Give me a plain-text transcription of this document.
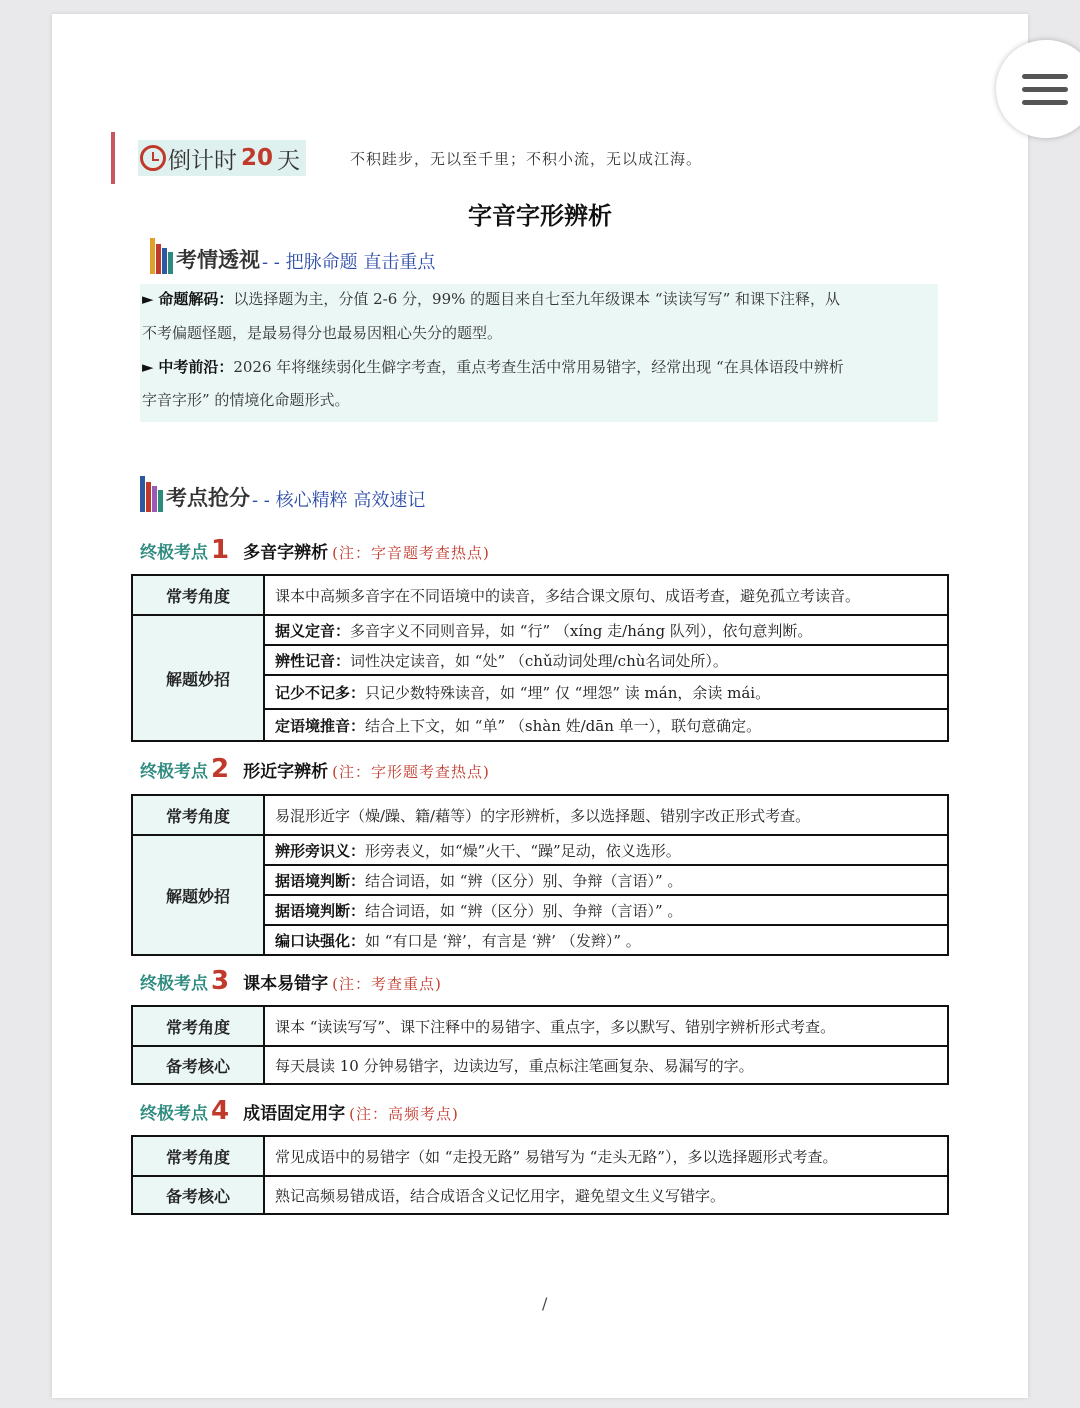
倒计时 20 天	不积跬步，无以至千里；不积小流，无以成江海。
字音字形辨析
考情透视 - - 把脉命题 直击重点
► 命题解码：以选择题为主，分值 2-6 分，99% 的题目来自七至九年级课本 “读读写写” 和课下注释，从
不考偏题怪题，是最易得分也最易因粗心失分的题型。
► 中考前沿：2026 年将继续弱化生僻字考查，重点考查生活中常用易错字，经常出现 “在具体语段中辨析
字音字形” 的情境化命题形式。
考点抢分 - - 核心精粹 高效速记
终极考点 1 多音字辨析 (注：字音题考查热点)
常考角度	课本中高频多音字在不同语境中的读音，多结合课文原句、成语考查，避免孤立考读音。
解题妙招	据义定音：多音字义不同则音异，如 “行” （xíng 走/háng 队列），依句意判断。
	辨性记音：词性决定读音，如 “处” （chǔ动词处理/chù名词处所）。
	记少不记多：只记少数特殊读音，如 “埋” 仅 “埋怨” 读 mán，余读 mái。
	定语境推音：结合上下文，如 “单” （shàn 姓/dān 单一），联句意确定。
终极考点 2 形近字辨析 (注：字形题考查热点)
常考角度	易混形近字（燥/躁、籍/藉等）的字形辨析，多以选择题、错别字改正形式考查。
解题妙招	辨形旁识义：形旁表义，如“燥”火干、“躁”足动，依义选形。
	据语境判断：结合词语，如 “辨（区分）别、争辩（言语）” 。
	据语境判断：结合词语，如 “辨（区分）别、争辩（言语）” 。
	编口诀强化：如 “有口是 ‘辩’，有言是 ‘辨’ （发辫）” 。
终极考点 3 课本易错字 (注：考查重点)
常考角度	课本 “读读写写”、课下注释中的易错字、重点字，多以默写、错别字辨析形式考查。
备考核心	每天晨读 10 分钟易错字，边读边写，重点标注笔画复杂、易漏写的字。
终极考点 4 成语固定用字 (注：高频考点)
常考角度	常见成语中的易错字（如 “走投无路” 易错写为 “走头无路”），多以选择题形式考查。
备考核心	熟记高频易错成语，结合成语含义记忆用字，避免望文生义写错字。
/
